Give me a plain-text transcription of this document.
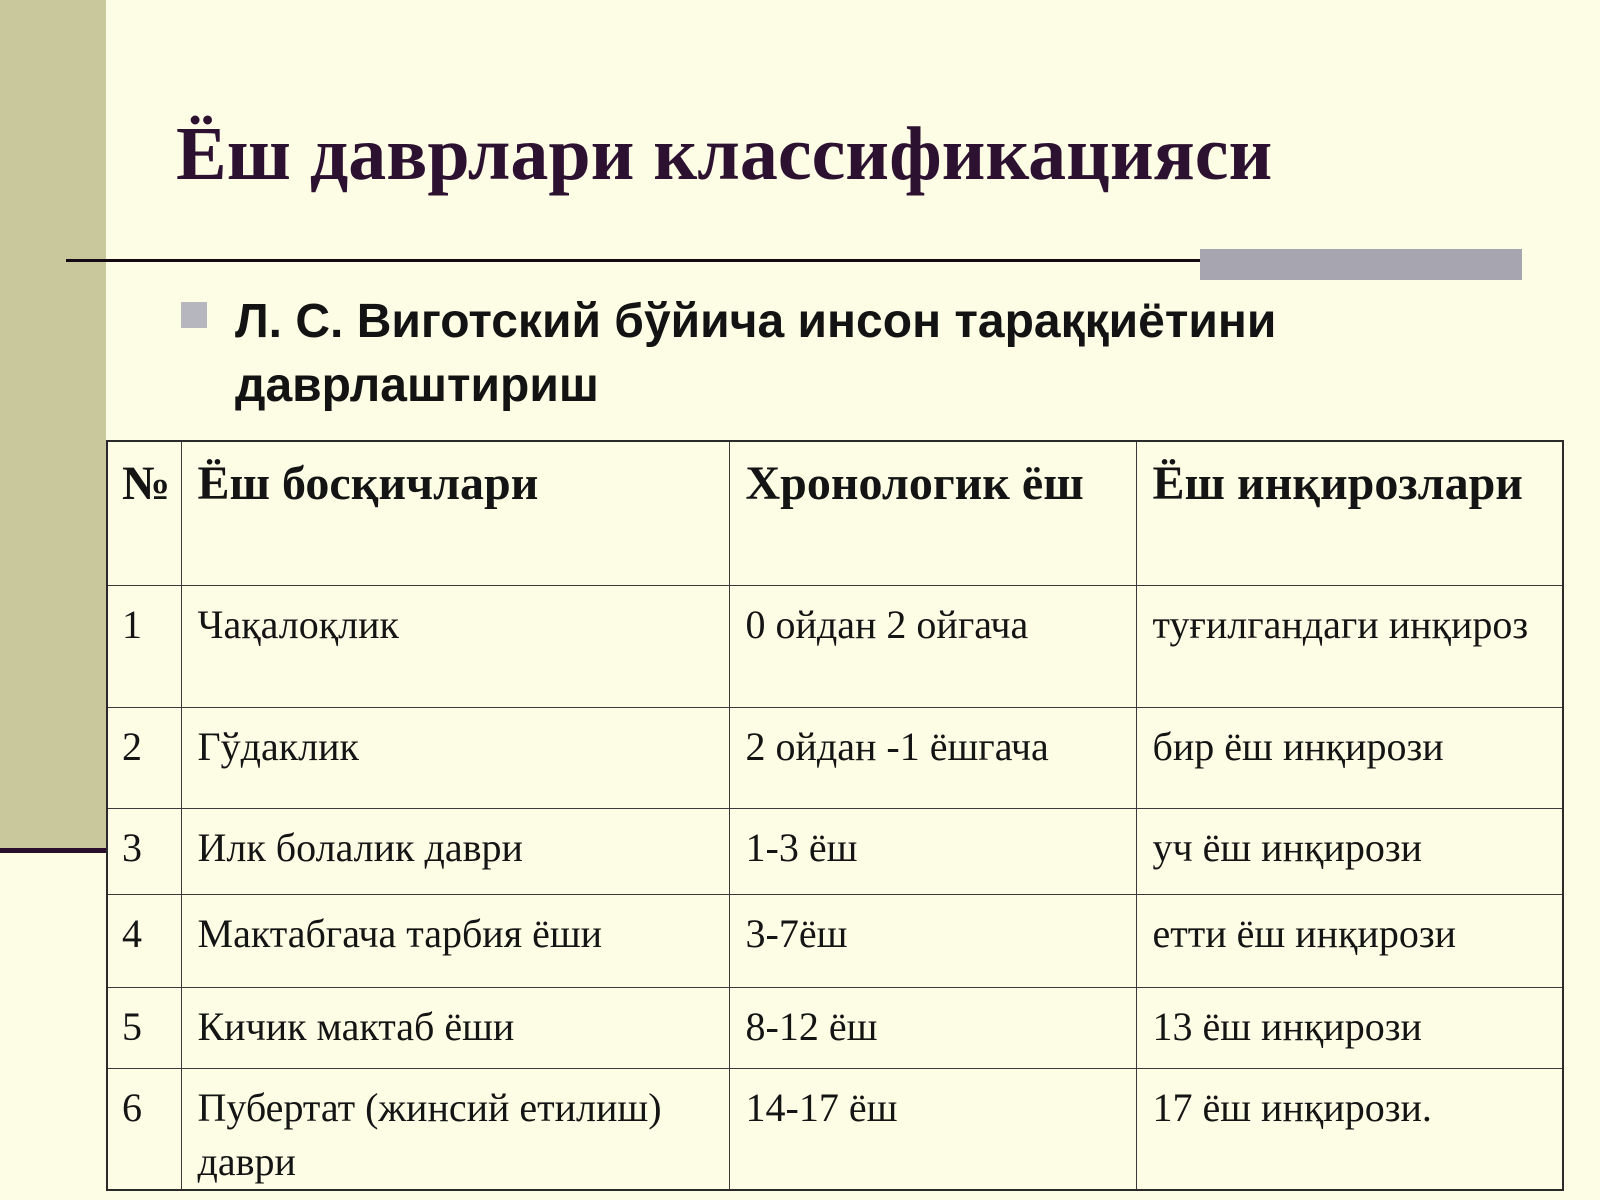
Ёш даврлари классификацияси

Л. С. Виготский бўйича инсон тараққиётини даврлаштириш

№	Ёш босқичлари	Хронологик ёш	Ёш инқирозлари
1	Чақалоқлик	0 ойдан 2 ойгача	туғилгандаги инқироз
2	Гўдаклик	2 ойдан -1 ёшгача	бир ёш инқирози
3	Илк болалик даври	1-3 ёш	уч ёш инқирози
4	Мактабгача тарбия ёши	3-7ёш	етти ёш инқирози
5	Кичик мактаб ёши	8-12 ёш	13 ёш инқирози
6	Пубертат (жинсий етилиш) даври	14-17 ёш	17 ёш инқирози.
